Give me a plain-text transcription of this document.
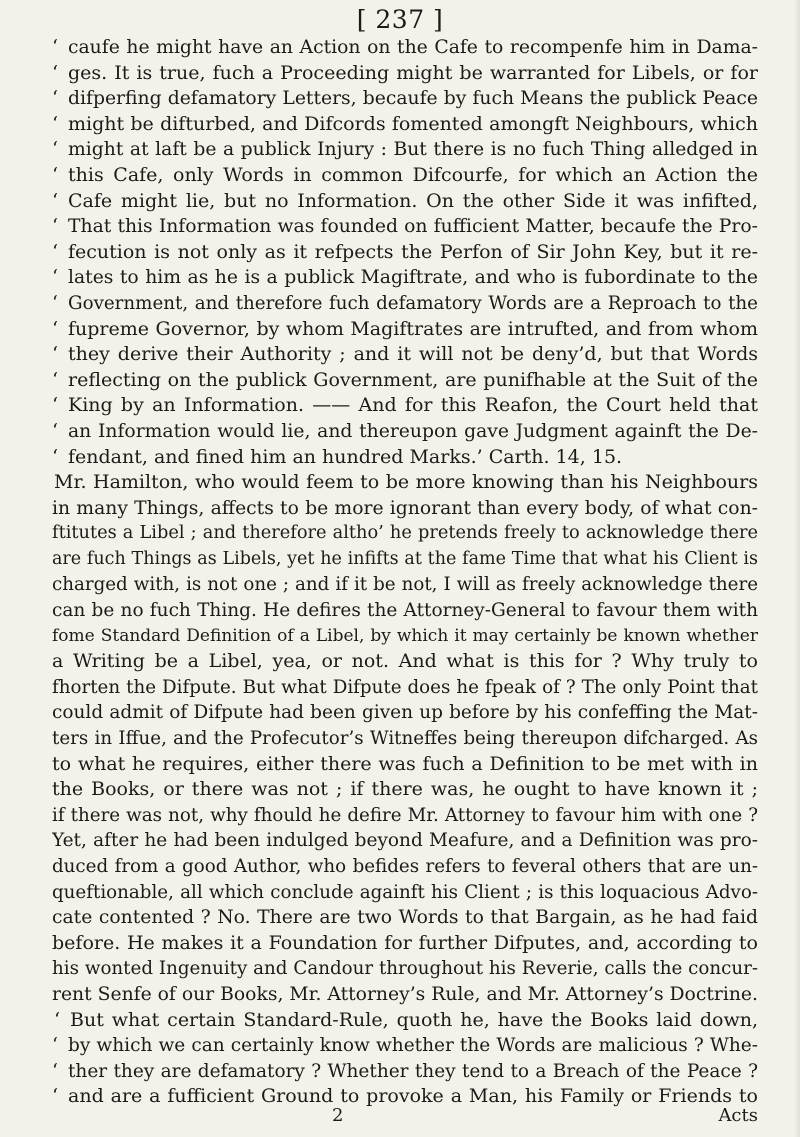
[ 237 ]
‘ caufe he might have an Action on the Cafe to recompenfe him in Dama-
‘ ges. It is true, fuch a Proceeding might be warranted for Libels, or for
‘ difperfing defamatory Letters, becaufe by fuch Means the publick Peace
‘ might be difturbed, and Difcords fomented amongft Neighbours, which
‘ might at laft be a publick Injury : But there is no fuch Thing alledged in
‘ this Cafe, only Words in common Difcourfe, for which an Action the
‘ Cafe might lie, but no Information. On the other Side it was infifted,
‘ That this Information was founded on fufficient Matter, becaufe the Pro-
‘ fecution is not only as it refpects the Perfon of Sir John Key, but it re-
‘ lates to him as he is a publick Magiftrate, and who is fubordinate to the
‘ Government, and therefore fuch defamatory Words are a Reproach to the
‘ fupreme Governor, by whom Magiftrates are intrufted, and from whom
‘ they derive their Authority ; and it will not be deny’d, but that Words
‘ reflecting on the publick Government, are punifhable at the Suit of the
‘ King by an Information. —— And for this Reafon, the Court held that
‘ an Information would lie, and thereupon gave Judgment againft the De-
‘ fendant, and fined him an hundred Marks.’ Carth. 14, 15.
Mr. Hamilton, who would feem to be more knowing than his Neighbours
in many Things, affects to be more ignorant than every body, of what con-
ftitutes a Libel ; and therefore altho’ he pretends freely to acknowledge there
are fuch Things as Libels, yet he infifts at the fame Time that what his Client is
charged with, is not one ; and if it be not, I will as freely acknowledge there
can be no fuch Thing. He defires the Attorney-General to favour them with
fome Standard Definition of a Libel, by which it may certainly be known whether
a Writing be a Libel, yea, or not. And what is this for ? Why truly to
fhorten the Difpute. But what Difpute does he fpeak of ? The only Point that
could admit of Difpute had been given up before by his confeffing the Mat-
ters in Iffue, and the Profecutor’s Witneffes being thereupon difcharged. As
to what he requires, either there was fuch a Definition to be met with in
the Books, or there was not ; if there was, he ought to have known it ;
if there was not, why fhould he defire Mr. Attorney to favour him with one ?
Yet, after he had been indulged beyond Meafure, and a Definition was pro-
duced from a good Author, who befides refers to feveral others that are un-
queftionable, all which conclude againft his Client ; is this loquacious Advo-
cate contented ? No. There are two Words to that Bargain, as he had faid
before. He makes it a Foundation for further Difputes, and, according to
his wonted Ingenuity and Candour throughout his Reverie, calls the concur-
rent Senfe of our Books, Mr. Attorney’s Rule, and Mr. Attorney’s Doctrine.
‘ But what certain Standard-Rule, quoth he, have the Books laid down,
‘ by which we can certainly know whether the Words are malicious ? Whe-
‘ ther they are defamatory ? Whether they tend to a Breach of the Peace ?
‘ and are a fufficient Ground to provoke a Man, his Family or Friends to
2	Acts
